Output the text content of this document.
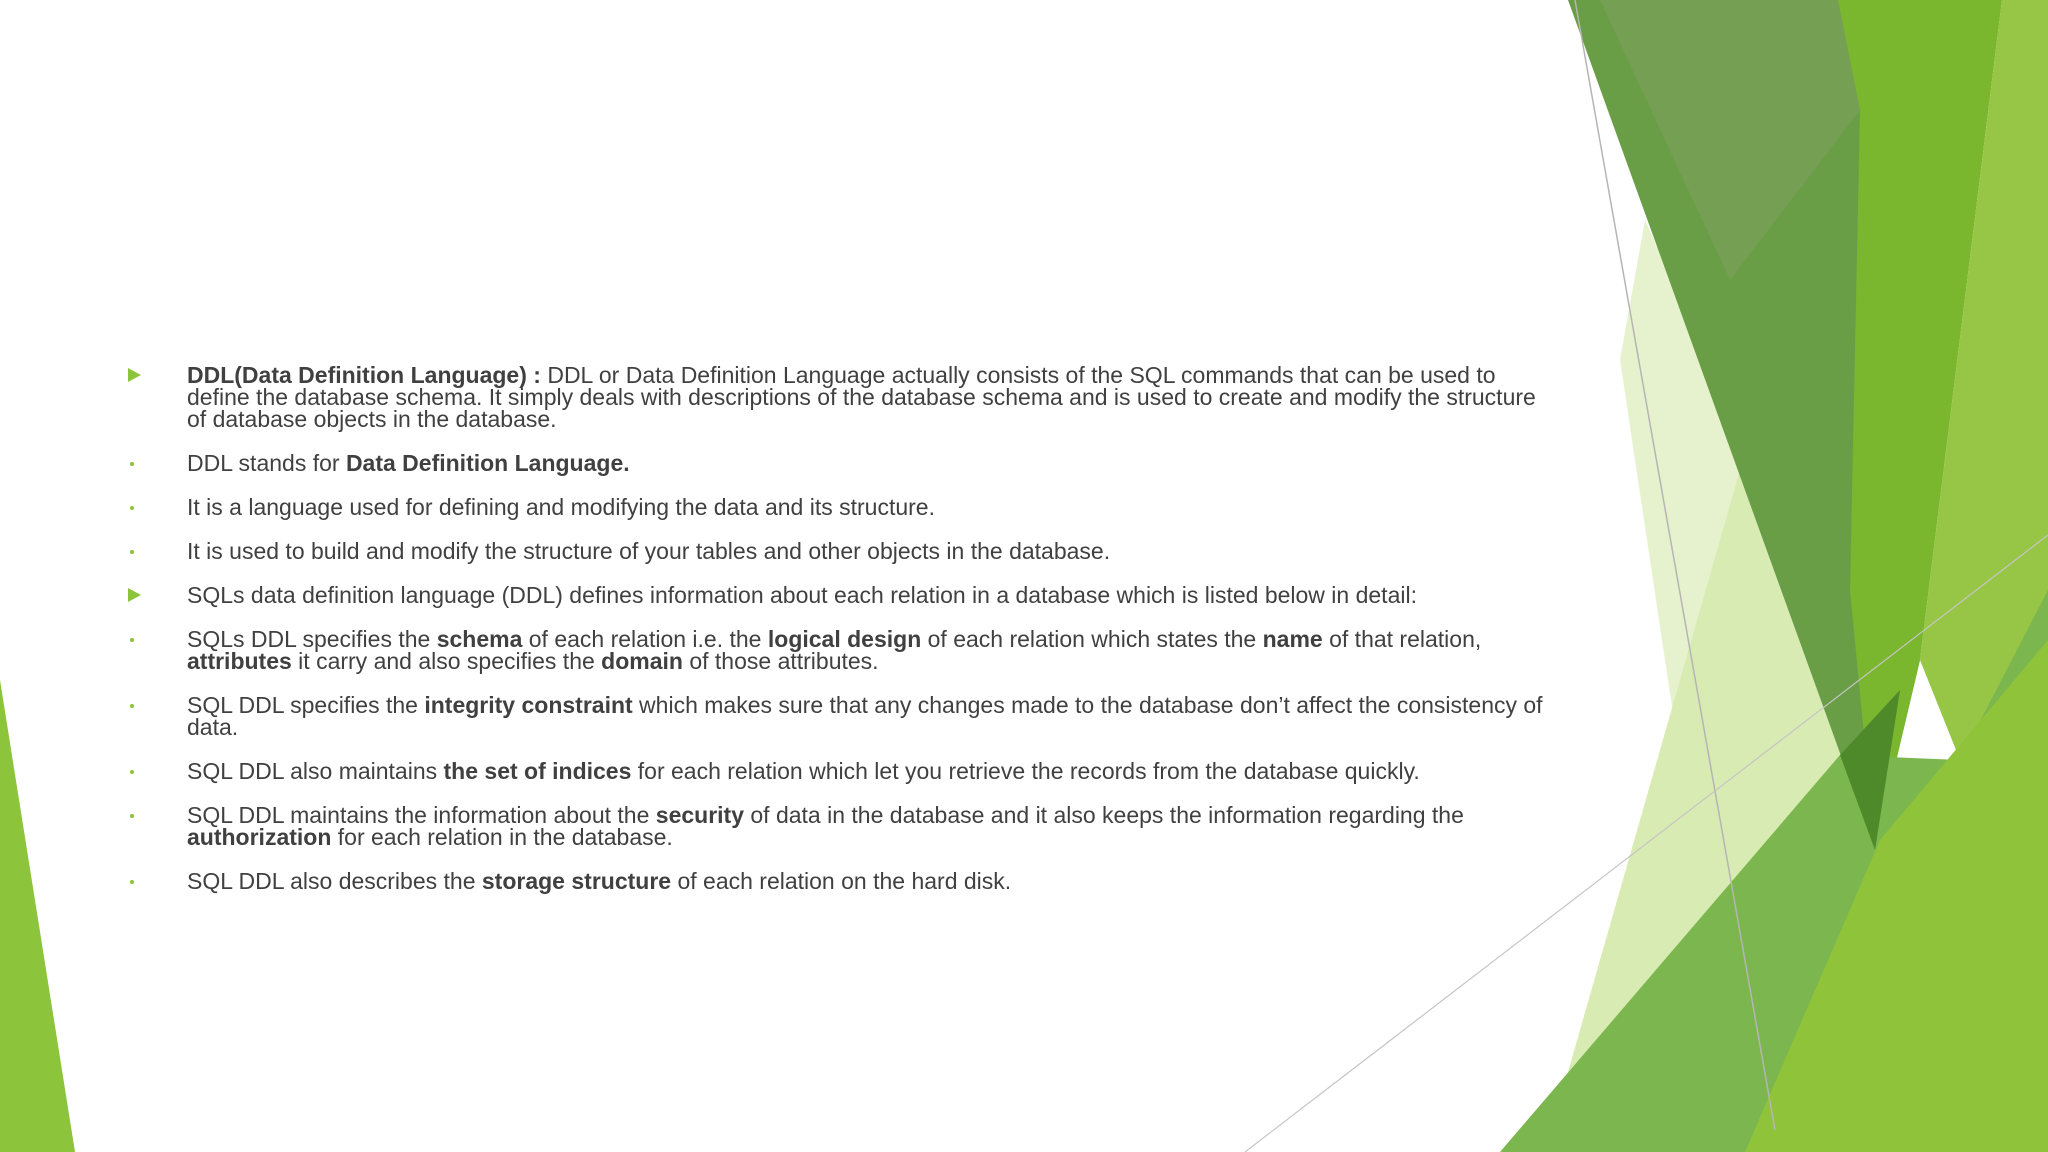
DDL(Data Definition Language) : DDL or Data Definition Language actually consists of the SQL commands that can be used to define the database schema. It simply deals with descriptions of the database schema and is used to create and modify the structure of database objects in the database.
DDL stands for Data Definition Language.
It is a language used for defining and modifying the data and its structure.
It is used to build and modify the structure of your tables and other objects in the database.
SQLs data definition language (DDL) defines information about each relation in a database which is listed below in detail:
SQLs DDL specifies the schema of each relation i.e. the logical design of each relation which states the name of that relation, attributes it carry and also specifies the domain of those attributes.
SQL DDL specifies the integrity constraint which makes sure that any changes made to the database don’t affect the consistency of data.
SQL DDL also maintains the set of indices for each relation which let you retrieve the records from the database quickly.
SQL DDL maintains the information about the security of data in the database and it also keeps the information regarding the authorization for each relation in the database.
SQL DDL also describes the storage structure of each relation on the hard disk.
